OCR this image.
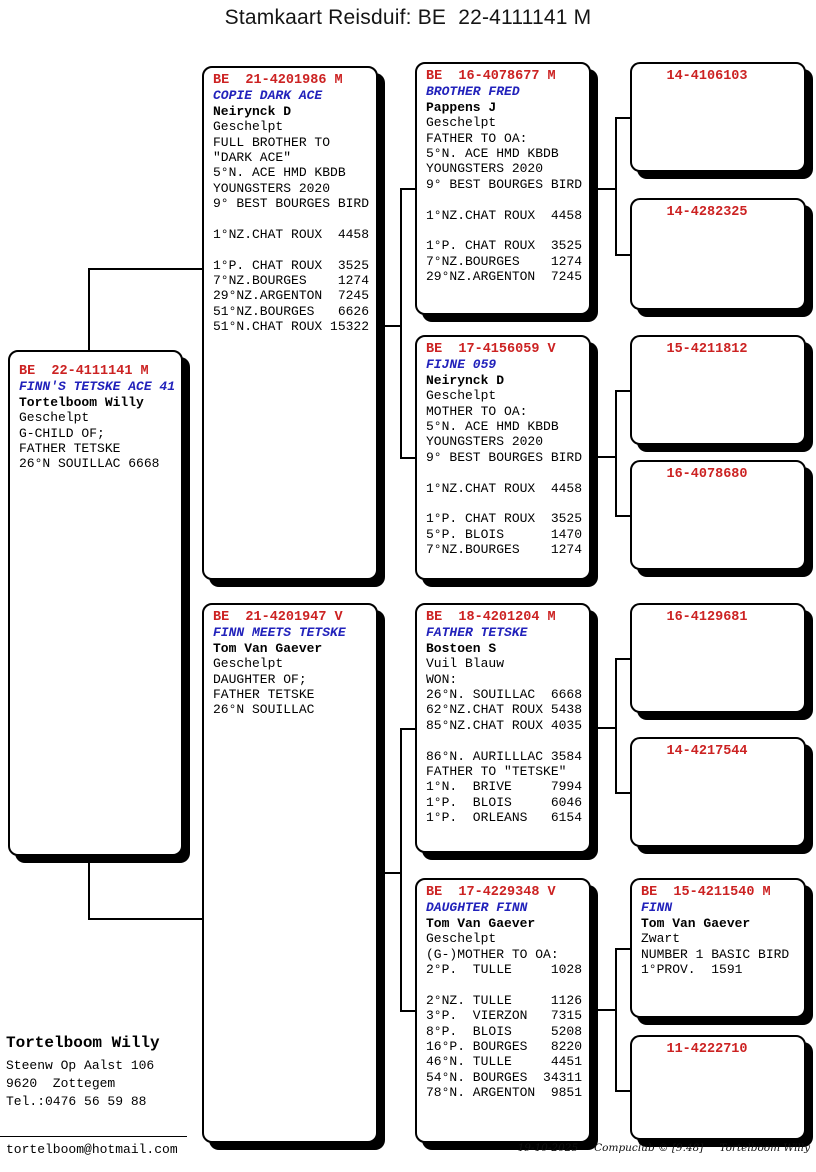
Stamkaart Reisduif: BE  22-4111141 M
BE  22-4111141 M
FINN'S TETSKE ACE 41
Tortelboom Willy
Geschelpt
G-CHILD OF;
FATHER TETSKE
26°N SOUILLAC 6668
BE  21-4201986 M
COPIE DARK ACE
Neirynck D
Geschelpt
FULL BROTHER TO
"DARK ACE"
5°N. ACE HMD KBDB
YOUNGSTERS 2020
9° BEST BOURGES BIRD
1°NZ.CHAT ROUX  4458
1°P. CHAT ROUX  3525
7°NZ.BOURGES    1274
29°NZ.ARGENTON  7245
51°NZ.BOURGES   6626
51°N.CHAT ROUX 15322
BE  21-4201947 V
FINN MEETS TETSKE
Tom Van Gaever
Geschelpt
DAUGHTER OF;
FATHER TETSKE
26°N SOUILLAC
BE  16-4078677 M
BROTHER FRED
Pappens J
Geschelpt
FATHER TO OA:
5°N. ACE HMD KBDB
YOUNGSTERS 2020
9° BEST BOURGES BIRD
1°NZ.CHAT ROUX  4458
1°P. CHAT ROUX  3525
7°NZ.BOURGES    1274
29°NZ.ARGENTON  7245
BE  17-4156059 V
FIJNE 059
Neirynck D
Geschelpt
MOTHER TO OA:
5°N. ACE HMD KBDB
YOUNGSTERS 2020
9° BEST BOURGES BIRD
1°NZ.CHAT ROUX  4458
1°P. CHAT ROUX  3525
5°P. BLOIS      1470
7°NZ.BOURGES    1274
BE  18-4201204 M
FATHER TETSKE
Bostoen S
Vuil Blauw
WON:
26°N. SOUILLAC  6668
62°NZ.CHAT ROUX 5438
85°NZ.CHAT ROUX 4035
86°N. AURILLLAC 3584
FATHER TO "TETSKE"
1°N.  BRIVE     7994
1°P.  BLOIS     6046
1°P.  ORLEANS   6154
BE  17-4229348 V
DAUGHTER FINN
Tom Van Gaever
Geschelpt
(G-)MOTHER TO OA:
2°P.  TULLE     1028
2°NZ. TULLE     1126
3°P.  VIERZON   7315
8°P.  BLOIS     5208
16°P. BOURGES   8220
46°N. TULLE     4451
54°N. BOURGES  34311
78°N. ARGENTON  9851
14-4106103
14-4282325
15-4211812
16-4078680
16-4129681
14-4217544
BE  15-4211540 M
FINN
Tom Van Gaever
Zwart
NUMBER 1 BASIC BIRD
1°PROV.  1591
11-4222710
Tortelboom Willy
Steenw Op Aalst 106
9620  Zottegem
Tel.:0476 56 59 88
tortelboom@hotmail.com	19-10-2025 Compuclub © [9.48] Tortelboom Willy
